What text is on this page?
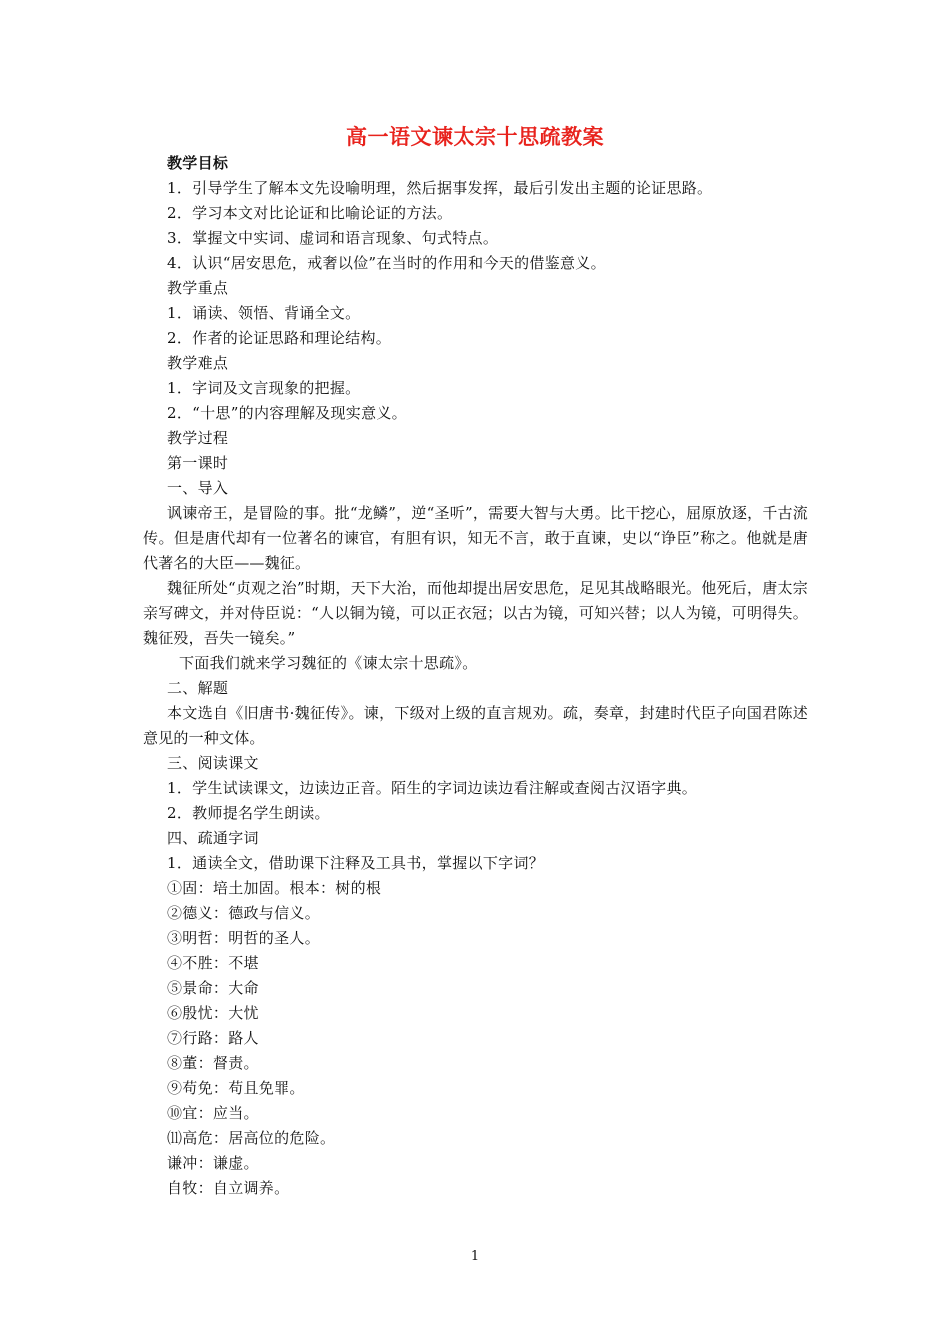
高一语文谏太宗十思疏教案
教学目标
1．引导学生了解本文先设喻明理，然后据事发挥，最后引发出主题的论证思路。
2．学习本文对比论证和比喻论证的方法。
3．掌握文中实词、虚词和语言现象、句式特点。
4．认识“居安思危，戒奢以俭”在当时的作用和今天的借鉴意义。
教学重点
1．诵读、领悟、背诵全文。
2．作者的论证思路和理论结构。
教学难点
1．字词及文言现象的把握。
2．“十思”的内容理解及现实意义。
教学过程
第一课时
一、导入
讽谏帝王，是冒险的事。批“龙鳞”，逆“圣听”，需要大智与大勇。比干挖心，屈原放逐，千古流传。但是唐代却有一位著名的谏官，有胆有识，知无不言，敢于直谏，史以“诤臣”称之。他就是唐代著名的大臣——魏征。
魏征所处“贞观之治”时期，天下大治，而他却提出居安思危，足见其战略眼光。他死后，唐太宗亲写碑文，并对侍臣说：“人以铜为镜，可以正衣冠；以古为镜，可知兴替；以人为镜，可明得失。魏征殁，吾失一镜矣。”
下面我们就来学习魏征的《谏太宗十思疏》。
二、解题
本文选自《旧唐书·魏征传》。谏，下级对上级的直言规劝。疏，奏章，封建时代臣子向国君陈述意见的一种文体。
三、阅读课文
1．学生试读课文，边读边正音。陌生的字词边读边看注解或查阅古汉语字典。
2．教师提名学生朗读。
四、疏通字词
1．通读全文，借助课下注释及工具书，掌握以下字词？
①固：培土加固。根本：树的根
②德义：德政与信义。
③明哲：明哲的圣人。
④不胜：不堪
⑤景命：大命
⑥殷忧：大忧
⑦行路：路人
⑧董：督责。
⑨苟免：苟且免罪。
⑩宜：应当。
⑾高危：居高位的危险。
谦冲：谦虚。
自牧：自立调养。
1
